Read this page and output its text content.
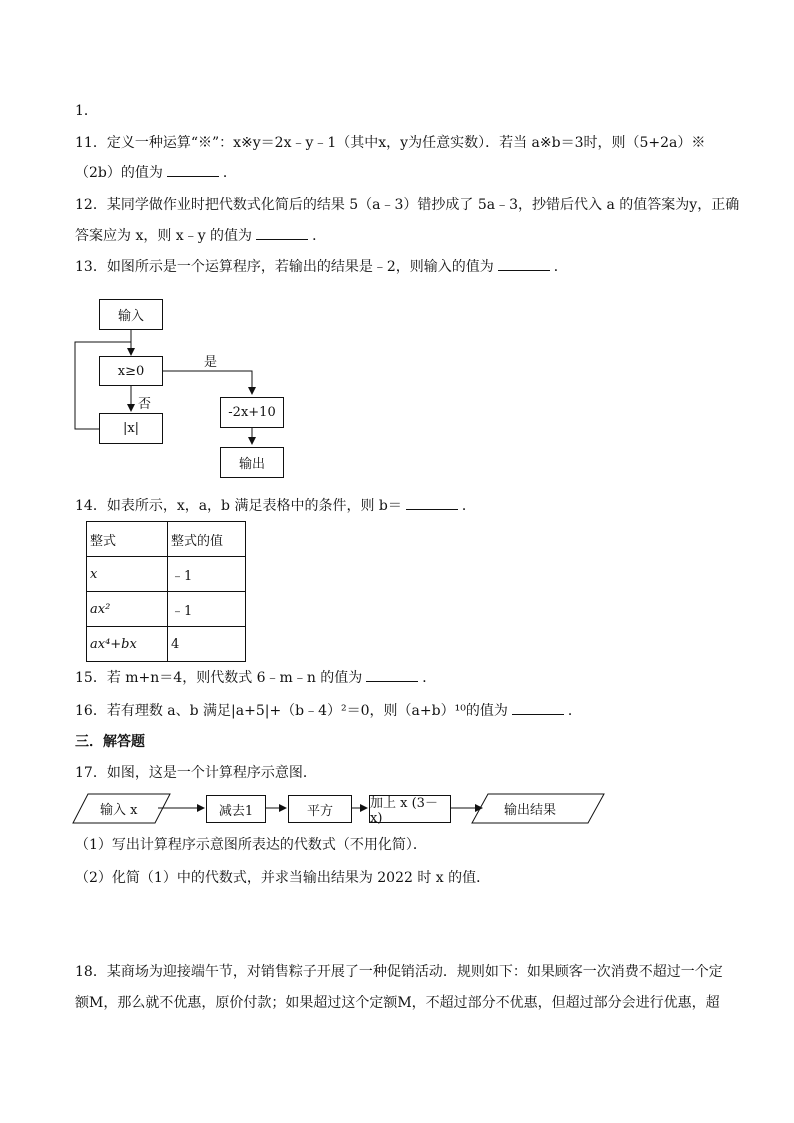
1．
11．定义一种运算“※”：x※y＝2x﹣y﹣1（其中x，y为任意实数）．若当 a※b＝3时，则（5+2a）※
（2b）的值为	．
12．某同学做作业时把代数式化简后的结果 5（a﹣3）错抄成了 5a﹣3，抄错后代入 a 的值答案为y，正确
答案应为 x，则 x﹣y 的值为	．
13．如图所示是一个运算程序，若输出的结果是﹣2，则输入的值为	．
输入
x≥0
是
否
|x|
-2x+10
输出
14．如表所示，x，a，b 满足表格中的条件，则 b＝	．
整式	整式的值
x	﹣1
ax²	﹣1
ax⁴+bx	4
15．若 m+n＝4，则代数式 6﹣m﹣n 的值为	．
16．若有理数 a、b 满足|a+5|+（b﹣4）²＝0，则（a+b）¹⁰的值为	．
三．解答题
17．如图，这是一个计算程序示意图．
输入 x	减去1	平方	加上 x (3－x)
输出结果
（1）写出计算程序示意图所表达的代数式（不用化简）．
（2）化简（1）中的代数式，并求当输出结果为 2022 时 x 的值．
18．某商场为迎接端午节，对销售粽子开展了一种促销活动．规则如下：如果顾客一次消费不超过一个定
额M，那么就不优惠，原价付款；如果超过这个定额M，不超过部分不优惠，但超过部分会进行优惠，超
